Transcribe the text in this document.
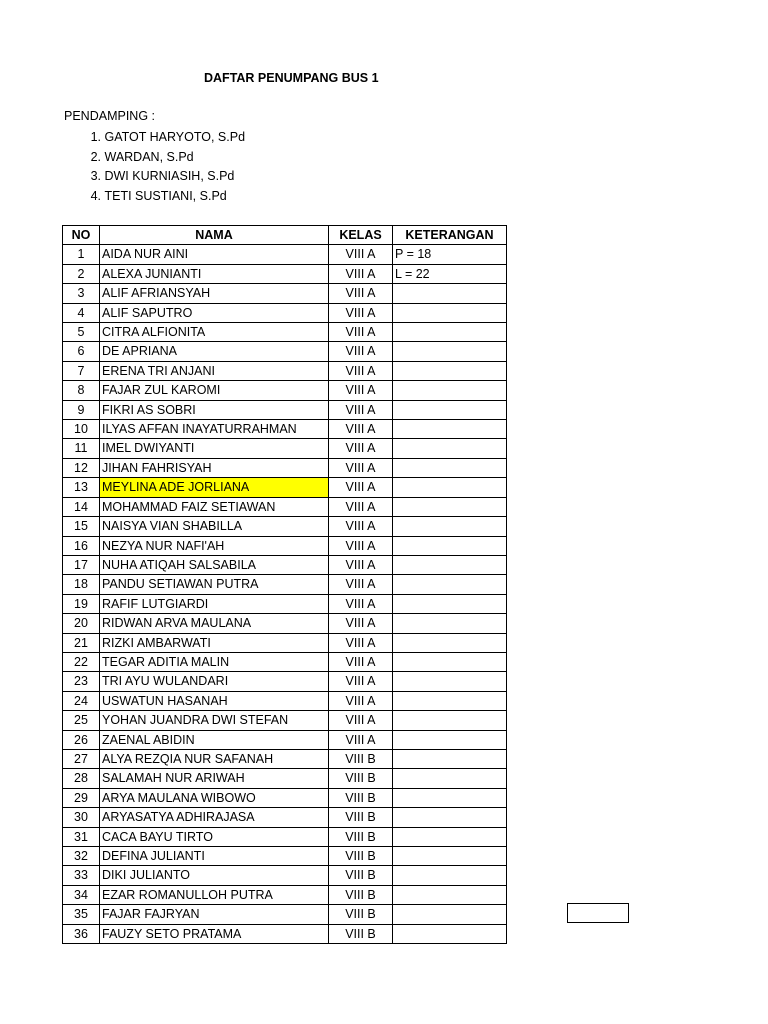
DAFTAR PENUMPANG BUS 1
PENDAMPING :
1. GATOT HARYOTO, S.Pd
2. WARDAN, S.Pd
3. DWI KURNIASIH, S.Pd
4. TETI SUSTIANI, S.Pd
NO	NAMA	KELAS	KETERANGAN
1	AIDA NUR AINI	VIII A	P = 18
2	ALEXA JUNIANTI	VIII A	L = 22
3	ALIF AFRIANSYAH	VIII A	
4	ALIF SAPUTRO	VIII A	
5	CITRA ALFIONITA	VIII A	
6	DE APRIANA	VIII A	
7	ERENA TRI ANJANI	VIII A	
8	FAJAR ZUL KAROMI	VIII A	
9	FIKRI AS SOBRI	VIII A	
10	ILYAS AFFAN INAYATURRAHMAN	VIII A	
11	IMEL DWIYANTI	VIII A	
12	JIHAN FAHRISYAH	VIII A	
13	MEYLINA ADE JORLIANA	VIII A	
14	MOHAMMAD FAIZ SETIAWAN	VIII A	
15	NAISYA VIAN SHABILLA	VIII A	
16	NEZYA NUR NAFI'AH	VIII A	
17	NUHA ATIQAH SALSABILA	VIII A	
18	PANDU SETIAWAN PUTRA	VIII A	
19	RAFIF LUTGIARDI	VIII A	
20	RIDWAN ARVA MAULANA	VIII A	
21	RIZKI AMBARWATI	VIII A	
22	TEGAR ADITIA MALIN	VIII A	
23	TRI AYU WULANDARI	VIII A	
24	USWATUN HASANAH	VIII A	
25	YOHAN JUANDRA DWI STEFAN	VIII A	
26	ZAENAL ABIDIN	VIII A	
27	ALYA REZQIA NUR SAFANAH	VIII B	
28	SALAMAH NUR ARIWAH	VIII B	
29	ARYA MAULANA WIBOWO	VIII B	
30	ARYASATYA ADHIRAJASA	VIII B	
31	CACA BAYU TIRTO	VIII B	
32	DEFINA JULIANTI	VIII B	
33	DIKI JULIANTO	VIII B	
34	EZAR ROMANULLOH PUTRA	VIII B	
35	FAJAR FAJRYAN	VIII B	
36	FAUZY SETO PRATAMA	VIII B	
